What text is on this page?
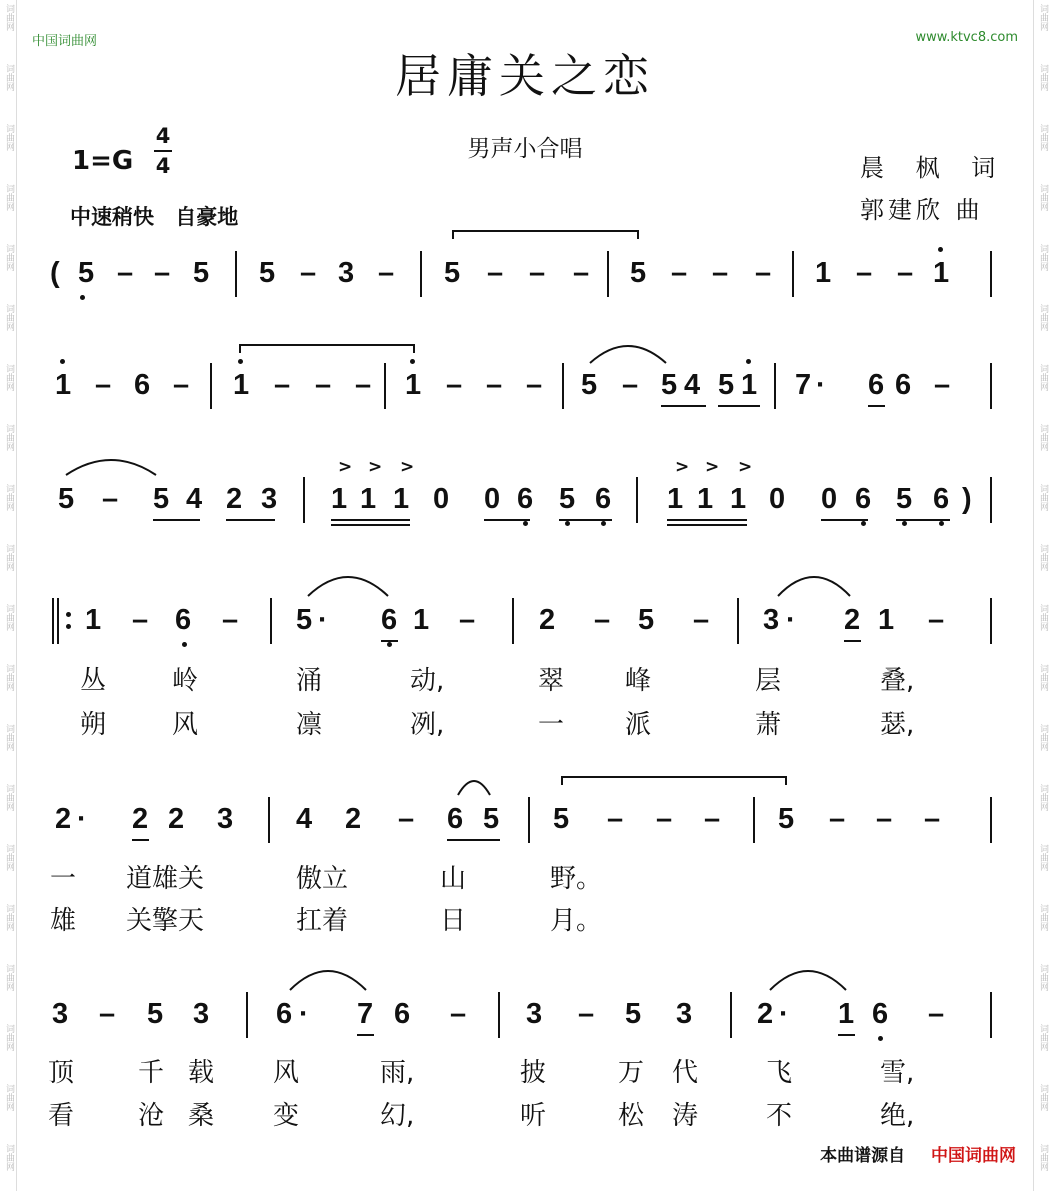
词曲网
词曲网
词曲网
词曲网
词曲网
词曲网
词曲网
词曲网
词曲网
词曲网
词曲网
词曲网
词曲网
词曲网
词曲网
词曲网
词曲网
词曲网
词曲网
词曲网
词曲网
词曲网
词曲网
词曲网
词曲网
词曲网
词曲网
词曲网
词曲网
词曲网
词曲网
词曲网
词曲网
词曲网
词曲网
词曲网
词曲网
词曲网
词曲网
词曲网
中国词曲网	www.ktvc8.com
居庸关之恋
男声小合唱
1=G
4
4
中速稍快 自豪地
晨 枫 词
郭建欣 曲
( 5 – – 5 5 – 3 – 5 – – – 5 – – – 1 – – 1
1 – 6 – 1 – – – 1 – – – 5 – 5 4 5 1 7 · 6 6 –
5 – 5 4 2 3 1 1 1 0 0 6 5 6
> > >
1 1 1 0 0 6 5 6 )
> > >
1 – 6 – 5 · 6 1 – 2 – 5 – 3 · 2 1 –
2 · 2 2 3 4 2 – 6 5 5 – – – 5 – – –
3 – 5 3 6 · 7 6 – 3 – 5 3 2 · 1 6 –
丛	岭	涌	动,	翠 峰	层	叠,
朔	风	凛	冽,	一 派	萧	瑟,
一 道雄关	傲立	山	野。
雄 关擎天	扛着	日	月。
顶 千 载 风	雨,	披	万 代	飞	雪,
看 沧 桑 变	幻,	听	松 涛	不	绝,
本曲谱源自 中国词曲网
